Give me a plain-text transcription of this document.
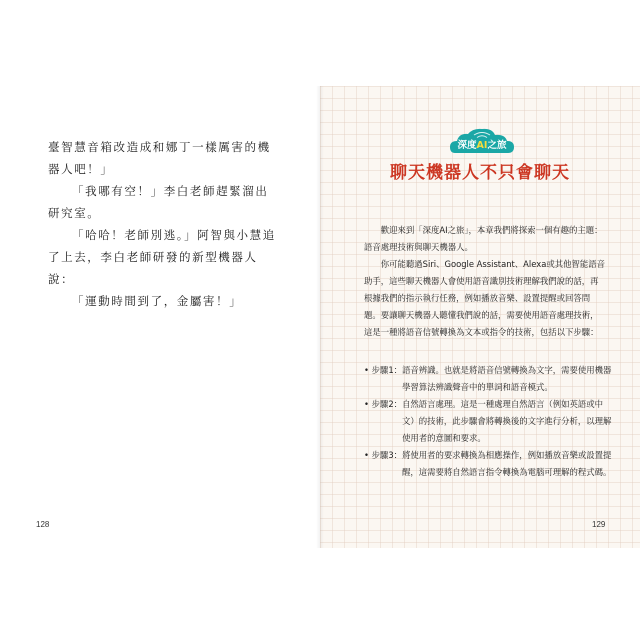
臺智慧音箱改造成和娜丁一樣厲害的機器人吧！」

「我哪有空！」李白老師趕緊溜出研究室。

「哈哈！老師別逃。」阿智與小慧追了上去，李白老師研發的新型機器人說：

「運動時間到了，金屬害！」

128
深度AI之旅
聊天機器人不只會聊天

歡迎來到「深度AI之旅」，本章我們將探索一個有趣的主題：語音處理技術與聊天機器人。

你可能聽過Siri、Google Assistant、Alexa或其他智能語音助手，這些聊天機器人會使用語音識別技術理解我們說的話，再根據我們的指示執行任務，例如播放音樂、設置提醒或回答問題。要讓聊天機器人聽懂我們說的話，需要使用語音處理技術，這是一種將語音信號轉換為文本或指令的技術，包括以下步驟：

• 步驟1： 語音辨識。也就是將語音信號轉換為文字，需要使用機器學習算法辨識聲音中的單詞和語音模式。
• 步驟2： 自然語言處理。這是一種處理自然語言（例如英語或中文）的技術，此步驟會將轉換後的文字進行分析，以理解使用者的意圖和要求。
• 步驟3： 將使用者的要求轉換為相應操作，例如播放音樂或設置提醒，這需要將自然語言指令轉換為電腦可理解的程式碼。
129
